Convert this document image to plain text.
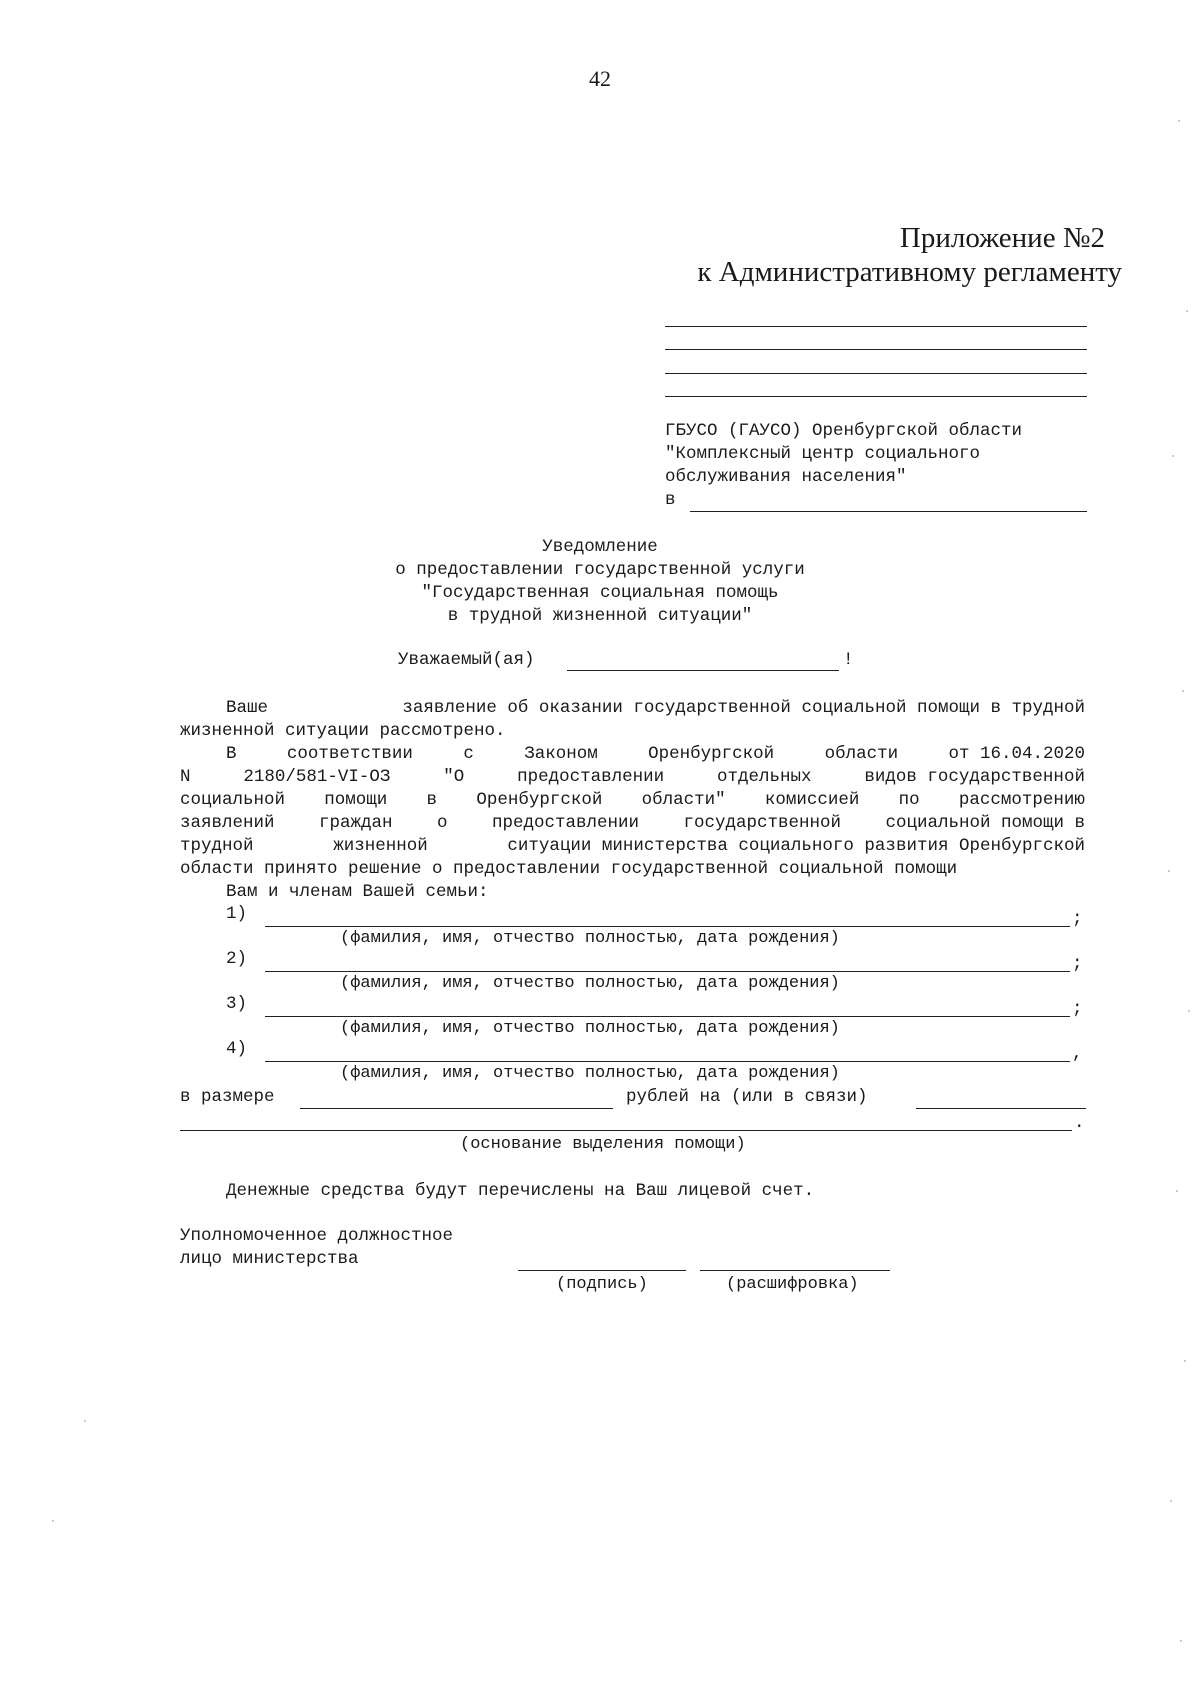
42
Приложение №2
к Административному регламенту
ГБУСО (ГАУСО) Оренбургской области
"Комплексный центр социального
обслуживания населения"
в
Уведомление
о предоставлении государственной услуги
"Государственная социальная помощь
в трудной жизненной ситуации"
Уважаемый(ая)	!
Ваше	заявление об оказании государственной социальной помощи в трудной
жизненной ситуации рассмотрено.
В	соответствии	с	Законом	Оренбургской	области	от 16.04.2020
N	2180/581-VI-ОЗ	"О	предоставлении	отдельных	видов государственной
социальной помощи в Оренбургской области" комиссией по рассмотрению
заявлений	граждан	о	предоставлении	государственной	социальной помощи в
трудной	жизненной	ситуации министерства социального развития Оренбургской
области принято решение о предоставлении государственной социальной помощи
Вам и членам Вашей семьи:
1)	;
(фамилия, имя, отчество полностью, дата рождения)
2)	;
(фамилия, имя, отчество полностью, дата рождения)
3)	;
(фамилия, имя, отчество полностью, дата рождения)
4)	,
(фамилия, имя, отчество полностью, дата рождения)
в размере	рублей на (или в связи)
.
(основание выделения помощи)
Денежные средства будут перечислены на Ваш лицевой счет.
Уполномоченное должностное
лицо министерства
(подпись)	(расшифровка)
